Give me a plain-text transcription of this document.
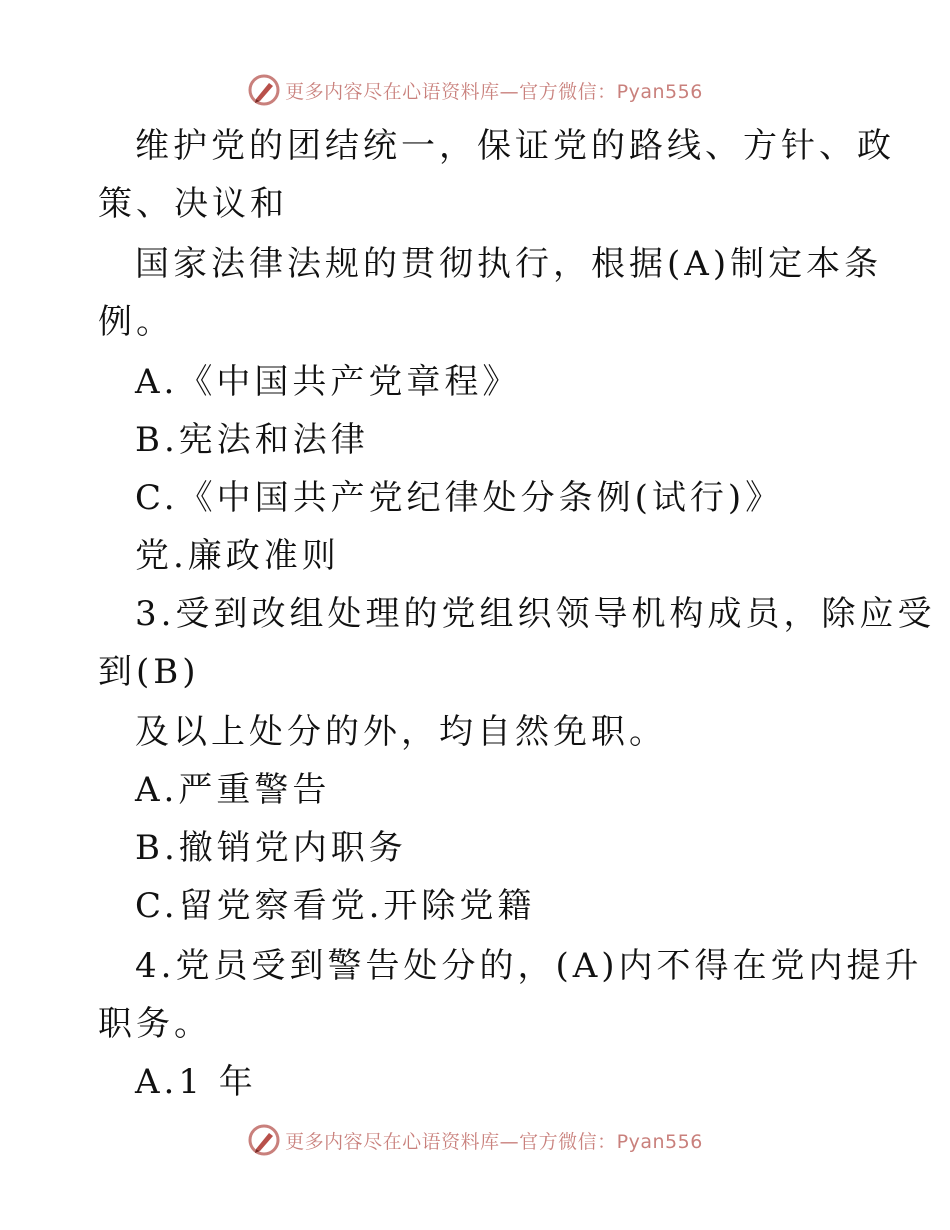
更多内容尽在心语资料库—官方微信：Pyan556
维护党的团结统一，保证党的路线、方针、政
策、决议和
国家法律法规的贯彻执行，根据(A)制定本条
例。
A.《中国共产党章程》
B.宪法和法律
C.《中国共产党纪律处分条例(试行)》
党.廉政准则
3.受到改组处理的党组织领导机构成员，除应受
到(B)
及以上处分的外，均自然免职。
A.严重警告
B.撤销党内职务
C.留党察看党.开除党籍
4.党员受到警告处分的，(A)内不得在党内提升
职务。
A.1 年
更多内容尽在心语资料库—官方微信：Pyan556
